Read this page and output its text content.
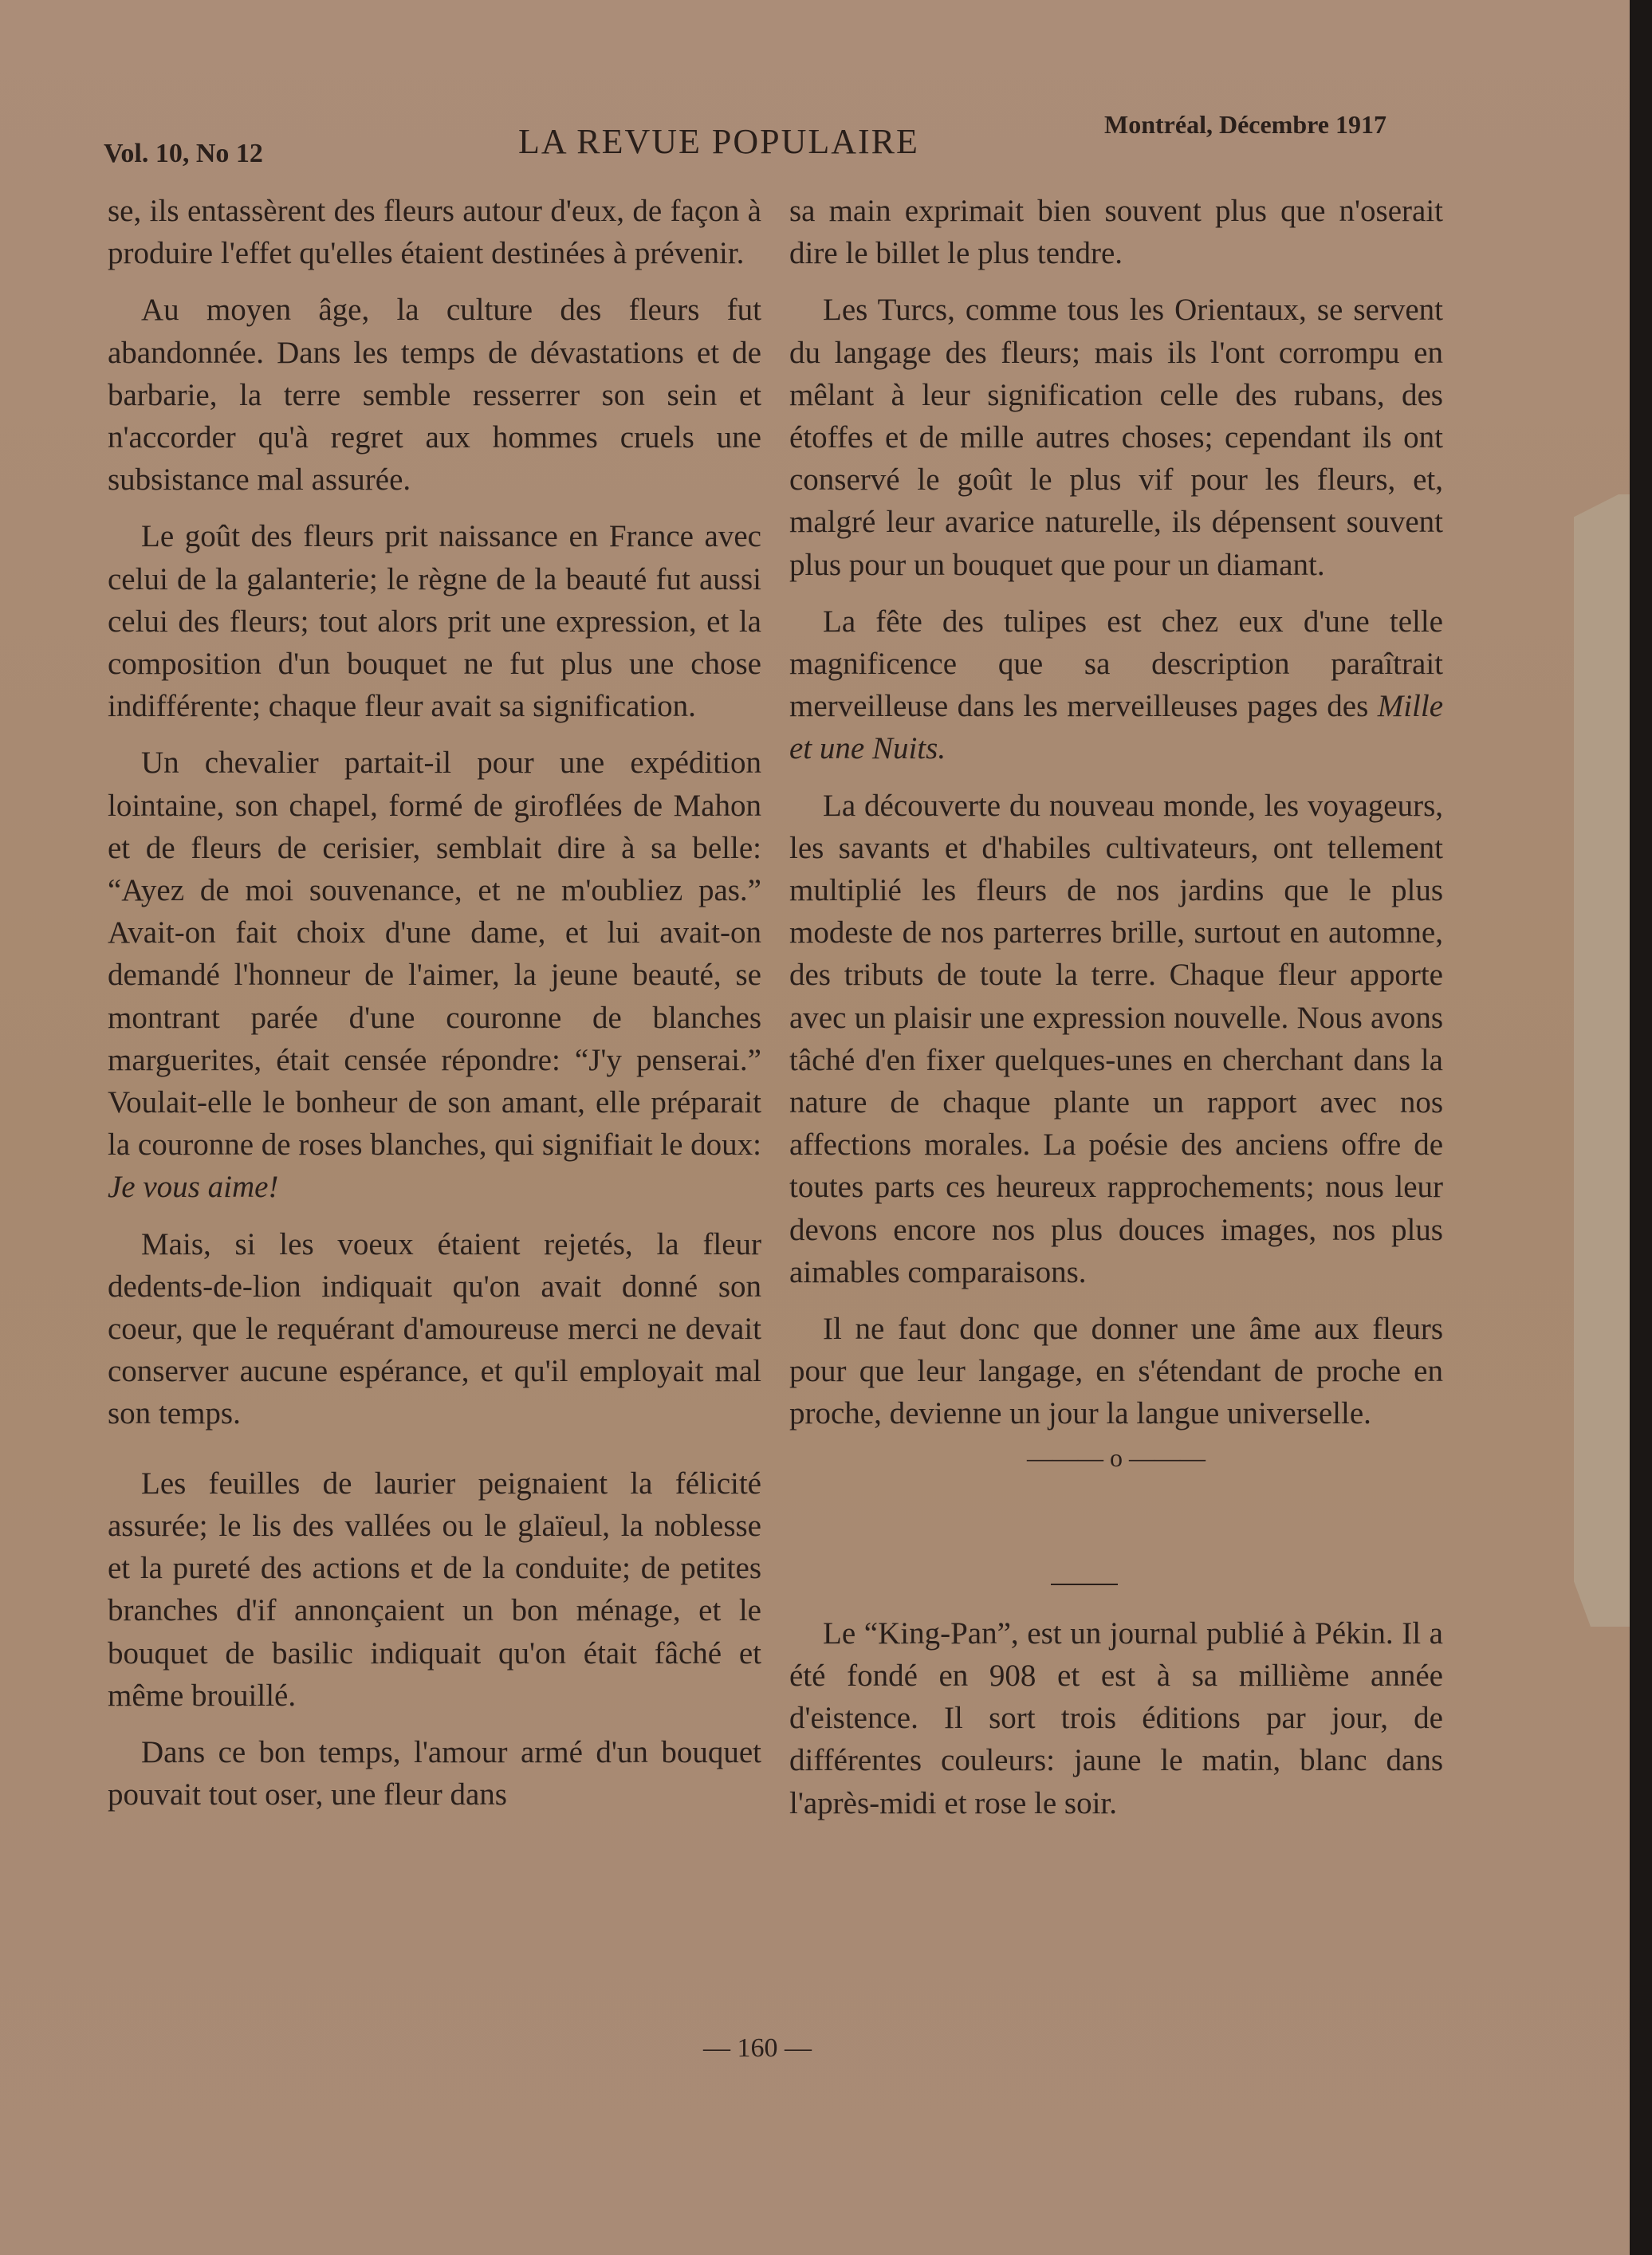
Vol. 10, No 12	LA REVUE POPULAIRE	Montréal, Décembre 1917

se, ils entassèrent des fleurs autour d'eux, de façon à produire l'effet qu'elles étaient destinées à prévenir.

Au moyen âge, la culture des fleurs fut abandonnée. Dans les temps de dévastations et de barbarie, la terre semble resserrer son sein et n'accorder qu'à regret aux hommes cruels une subsistance mal assurée.

Le goût des fleurs prit naissance en France avec celui de la galanterie; le règne de la beauté fut aussi celui des fleurs; tout alors prit une expression, et la composition d'un bouquet ne fut plus une chose indifférente; chaque fleur avait sa signification.

Un chevalier partait-il pour une expédition lointaine, son chapel, formé de giroflées de Mahon et de fleurs de cerisier, semblait dire à sa belle: “Ayez de moi souvenance, et ne m'oubliez pas.” Avait-on fait choix d'une dame, et lui avait-on demandé l'honneur de l'aimer, la jeune beauté, se montrant parée d'une couronne de blanches marguerites, était censée répondre: “J'y penserai.” Voulait-elle le bonheur de son amant, elle préparait la couronne de roses blanches, qui signifiait le doux: Je vous aime!

Mais, si les voeux étaient rejetés, la fleur dedents-de-lion indiquait qu'on avait donné son coeur, que le requérant d'amoureuse merci ne devait conserver aucune espérance, et qu'il employait mal son temps.

Les feuilles de laurier peignaient la félicité assurée; le lis des vallées ou le glaïeul, la noblesse et la pureté des actions et de la conduite; de petites branches d'if annonçaient un bon ménage, et le bouquet de basilic indiquait qu'on était fâché et même brouillé.

Dans ce bon temps, l'amour armé d'un bouquet pouvait tout oser, une fleur dans

sa main exprimait bien souvent plus que n'oserait dire le billet le plus tendre.

Les Turcs, comme tous les Orientaux, se servent du langage des fleurs; mais ils l'ont corrompu en mêlant à leur signification celle des rubans, des étoffes et de mille autres choses; cependant ils ont conservé le goût le plus vif pour les fleurs, et, malgré leur avarice naturelle, ils dépensent souvent plus pour un bouquet que pour un diamant.

La fête des tulipes est chez eux d'une telle magnificence que sa description paraîtrait merveilleuse dans les merveilleuses pages des Mille et une Nuits.

La découverte du nouveau monde, les voyageurs, les savants et d'habiles cultivateurs, ont tellement multiplié les fleurs de nos jardins que le plus modeste de nos parterres brille, surtout en automne, des tributs de toute la terre. Chaque fleur apporte avec un plaisir une expression nouvelle. Nous avons tâché d'en fixer quelques-unes en cherchant dans la nature de chaque plante un rapport avec nos affections morales. La poésie des anciens offre de toutes parts ces heureux rapprochements; nous leur devons encore nos plus douces images, nos plus aimables comparaisons.

Il ne faut donc que donner une âme aux fleurs pour que leur langage, en s'étendant de proche en proche, devienne un jour la langue universelle.

——— o ———

Le “King-Pan”, est un journal publié à Pékin. Il a été fondé en 908 et est à sa millième année d'eistence. Il sort trois éditions par jour, de différentes couleurs: jaune le matin, blanc dans l'après-midi et rose le soir.

— 160 —
